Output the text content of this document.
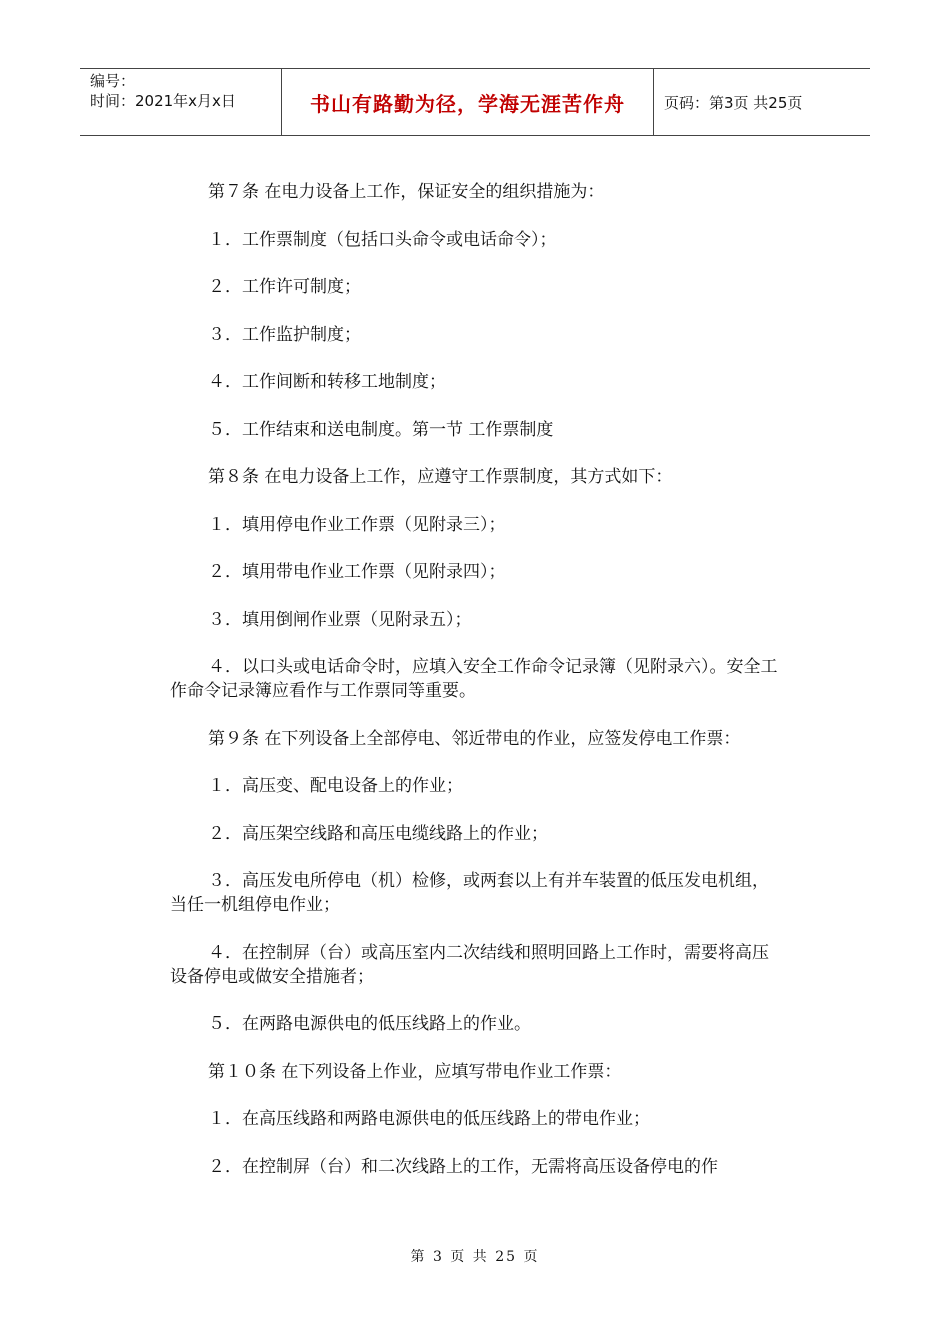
编号：
时间：2021年x月x日	书山有路勤为径，学海无涯苦作舟	页码：第3页 共25页

第７条 在电力设备上工作，保证安全的组织措施为：

１．工作票制度（包括口头命令或电话命令）；

２．工作许可制度；

３．工作监护制度；

４．工作间断和转移工地制度；

５．工作结束和送电制度。第一节 工作票制度

第８条 在电力设备上工作，应遵守工作票制度，其方式如下：

１．填用停电作业工作票（见附录三）；

２．填用带电作业工作票（见附录四）；

３．填用倒闸作业票（见附录五）；

４．以口头或电话命令时，应填入安全工作命令记录簿（见附录六）。安全工作命令记录簿应看作与工作票同等重要。

第９条 在下列设备上全部停电、邻近带电的作业，应签发停电工作票：

１．高压变、配电设备上的作业；

２．高压架空线路和高压电缆线路上的作业；

３．高压发电所停电（机）检修，或两套以上有并车装置的低压发电机组，当任一机组停电作业；

４．在控制屏（台）或高压室内二次结线和照明回路上工作时，需要将高压设备停电或做安全措施者；

５．在两路电源供电的低压线路上的作业。

第１０条 在下列设备上作业，应填写带电作业工作票：

１．在高压线路和两路电源供电的低压线路上的带电作业；

２．在控制屏（台）和二次线路上的工作，无需将高压设备停电的作

第 3 页 共 25 页
